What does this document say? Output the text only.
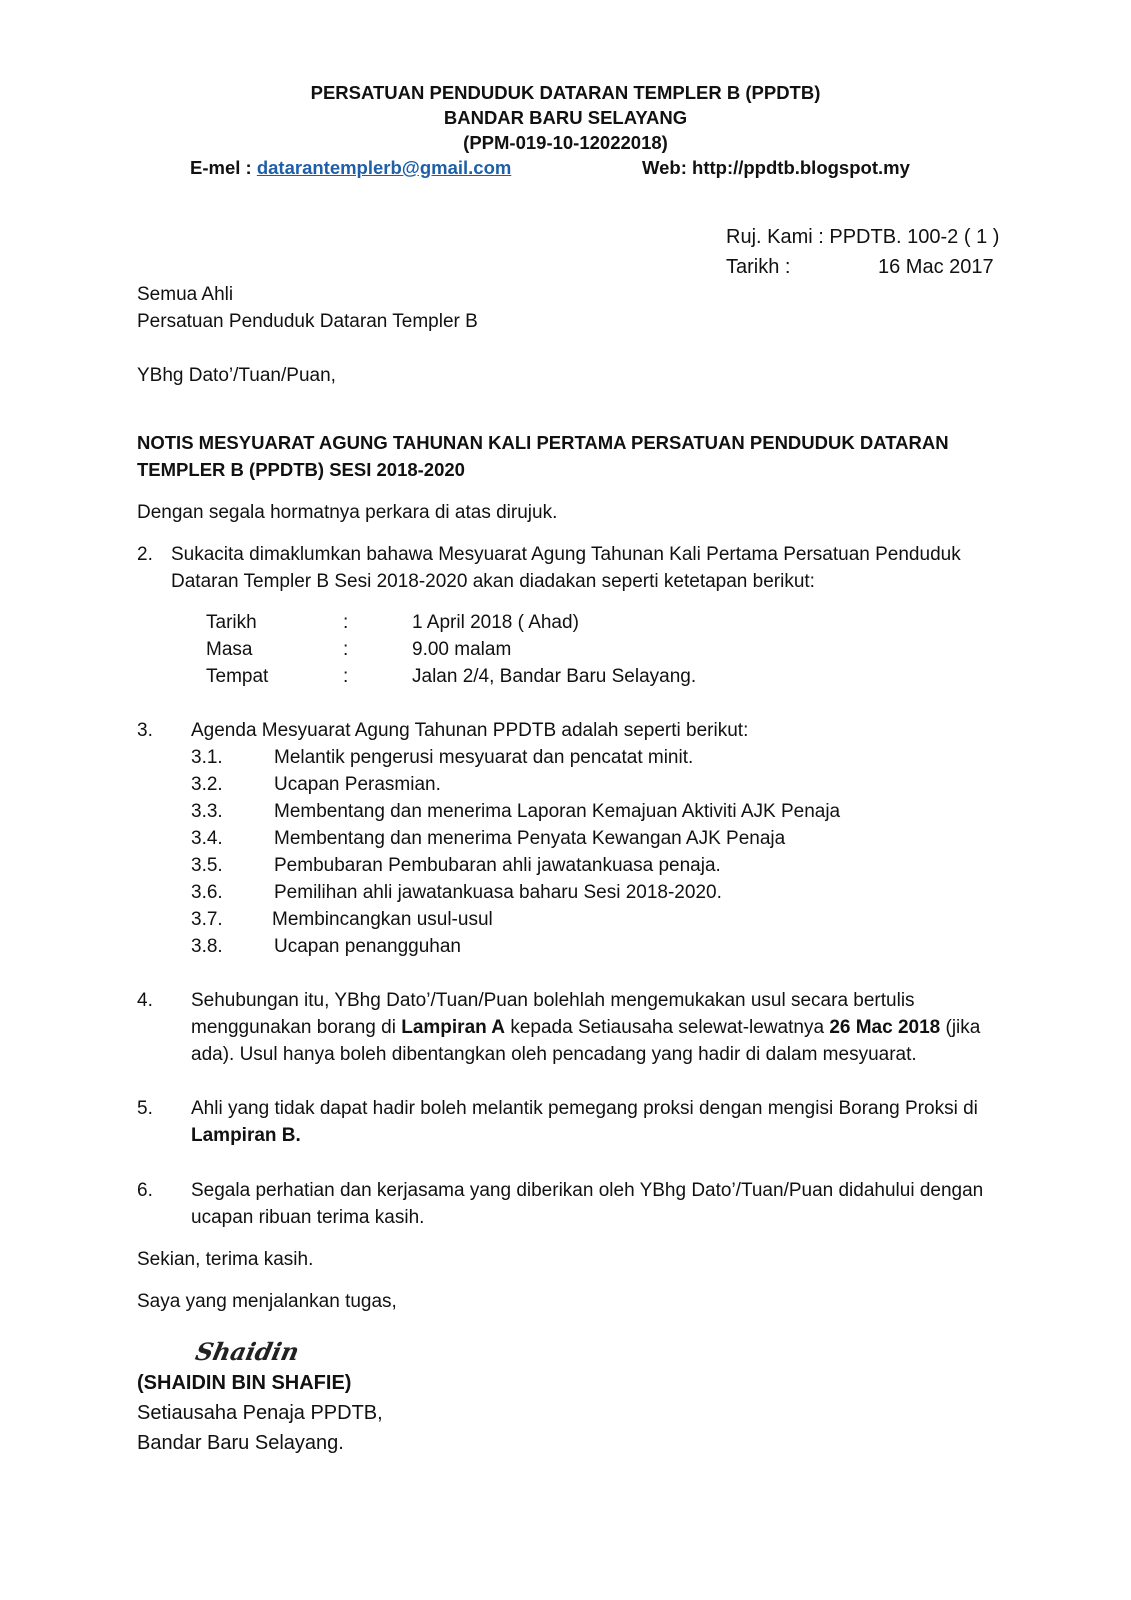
PERSATUAN PENDUDUK DATARAN TEMPLER B (PPDTB)
BANDAR BARU SELAYANG
(PPM-019-10-12022018)
E-mel : datarantemplerb@gmail.com	Web: http://ppdtb.blogspot.my
Ruj. Kami : PPDTB. 100-2 ( 1 )
Tarikh :	16 Mac 2017
Semua Ahli
Persatuan Penduduk Dataran Templer B
YBhg Dato’/Tuan/Puan,
NOTIS MESYUARAT AGUNG TAHUNAN KALI PERTAMA PERSATUAN PENDUDUK DATARAN
TEMPLER B (PPDTB) SESI 2018-2020
Dengan segala hormatnya perkara di atas dirujuk.
2. Sukacita dimaklumkan bahawa Mesyuarat Agung Tahunan Kali Pertama Persatuan Penduduk
Dataran Templer B Sesi 2018-2020 akan diadakan seperti ketetapan berikut:
Tarikh	:	1 April 2018 ( Ahad)
Masa	:	9.00 malam
Tempat	:	Jalan 2/4, Bandar Baru Selayang.
3. Agenda Mesyuarat Agung Tahunan PPDTB adalah seperti berikut:
3.1.	Melantik pengerusi mesyuarat dan pencatat minit.
3.2.	Ucapan Perasmian.
3.3.	Membentang dan menerima Laporan Kemajuan Aktiviti AJK Penaja
3.4.	Membentang dan menerima Penyata Kewangan AJK Penaja
3.5.	Pembubaran Pembubaran ahli jawatankuasa penaja.
3.6.	Pemilihan ahli jawatankuasa baharu Sesi 2018-2020.
3.7.	Membincangkan usul-usul
3.8.	Ucapan penangguhan
4. Sehubungan itu, YBhg Dato’/Tuan/Puan bolehlah mengemukakan usul secara bertulis
menggunakan borang di Lampiran A kepada Setiausaha selewat-lewatnya 26 Mac 2018 (jika
ada). Usul hanya boleh dibentangkan oleh pencadang yang hadir di dalam mesyuarat.
5. Ahli yang tidak dapat hadir boleh melantik pemegang proksi dengan mengisi Borang Proksi di
Lampiran B.
6. Segala perhatian dan kerjasama yang diberikan oleh YBhg Dato’/Tuan/Puan didahului dengan
ucapan ribuan terima kasih.
Sekian, terima kasih.
Saya yang menjalankan tugas,
Shaidin
(SHAIDIN BIN SHAFIE)
Setiausaha Penaja PPDTB,
Bandar Baru Selayang.
